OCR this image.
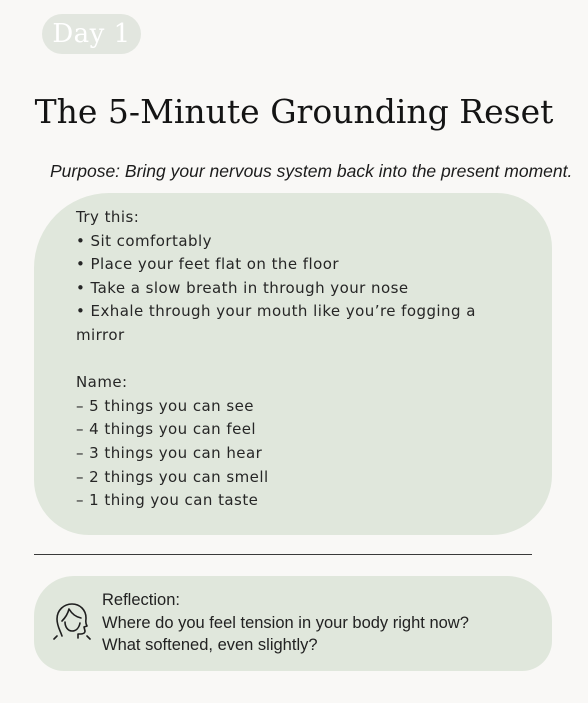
Day 1
The 5-Minute Grounding Reset
Purpose: Bring your nervous system back into the present moment.
Try this:
• Sit comfortably
• Place your feet flat on the floor
• Take a slow breath in through your nose
• Exhale through your mouth like you’re fogging a
mirror
Name:
– 5 things you can see
– 4 things you can feel
– 3 things you can hear
– 2 things you can smell
– 1 thing you can taste
Reflection:
Where do you feel tension in your body right now?
What softened, even slightly?
